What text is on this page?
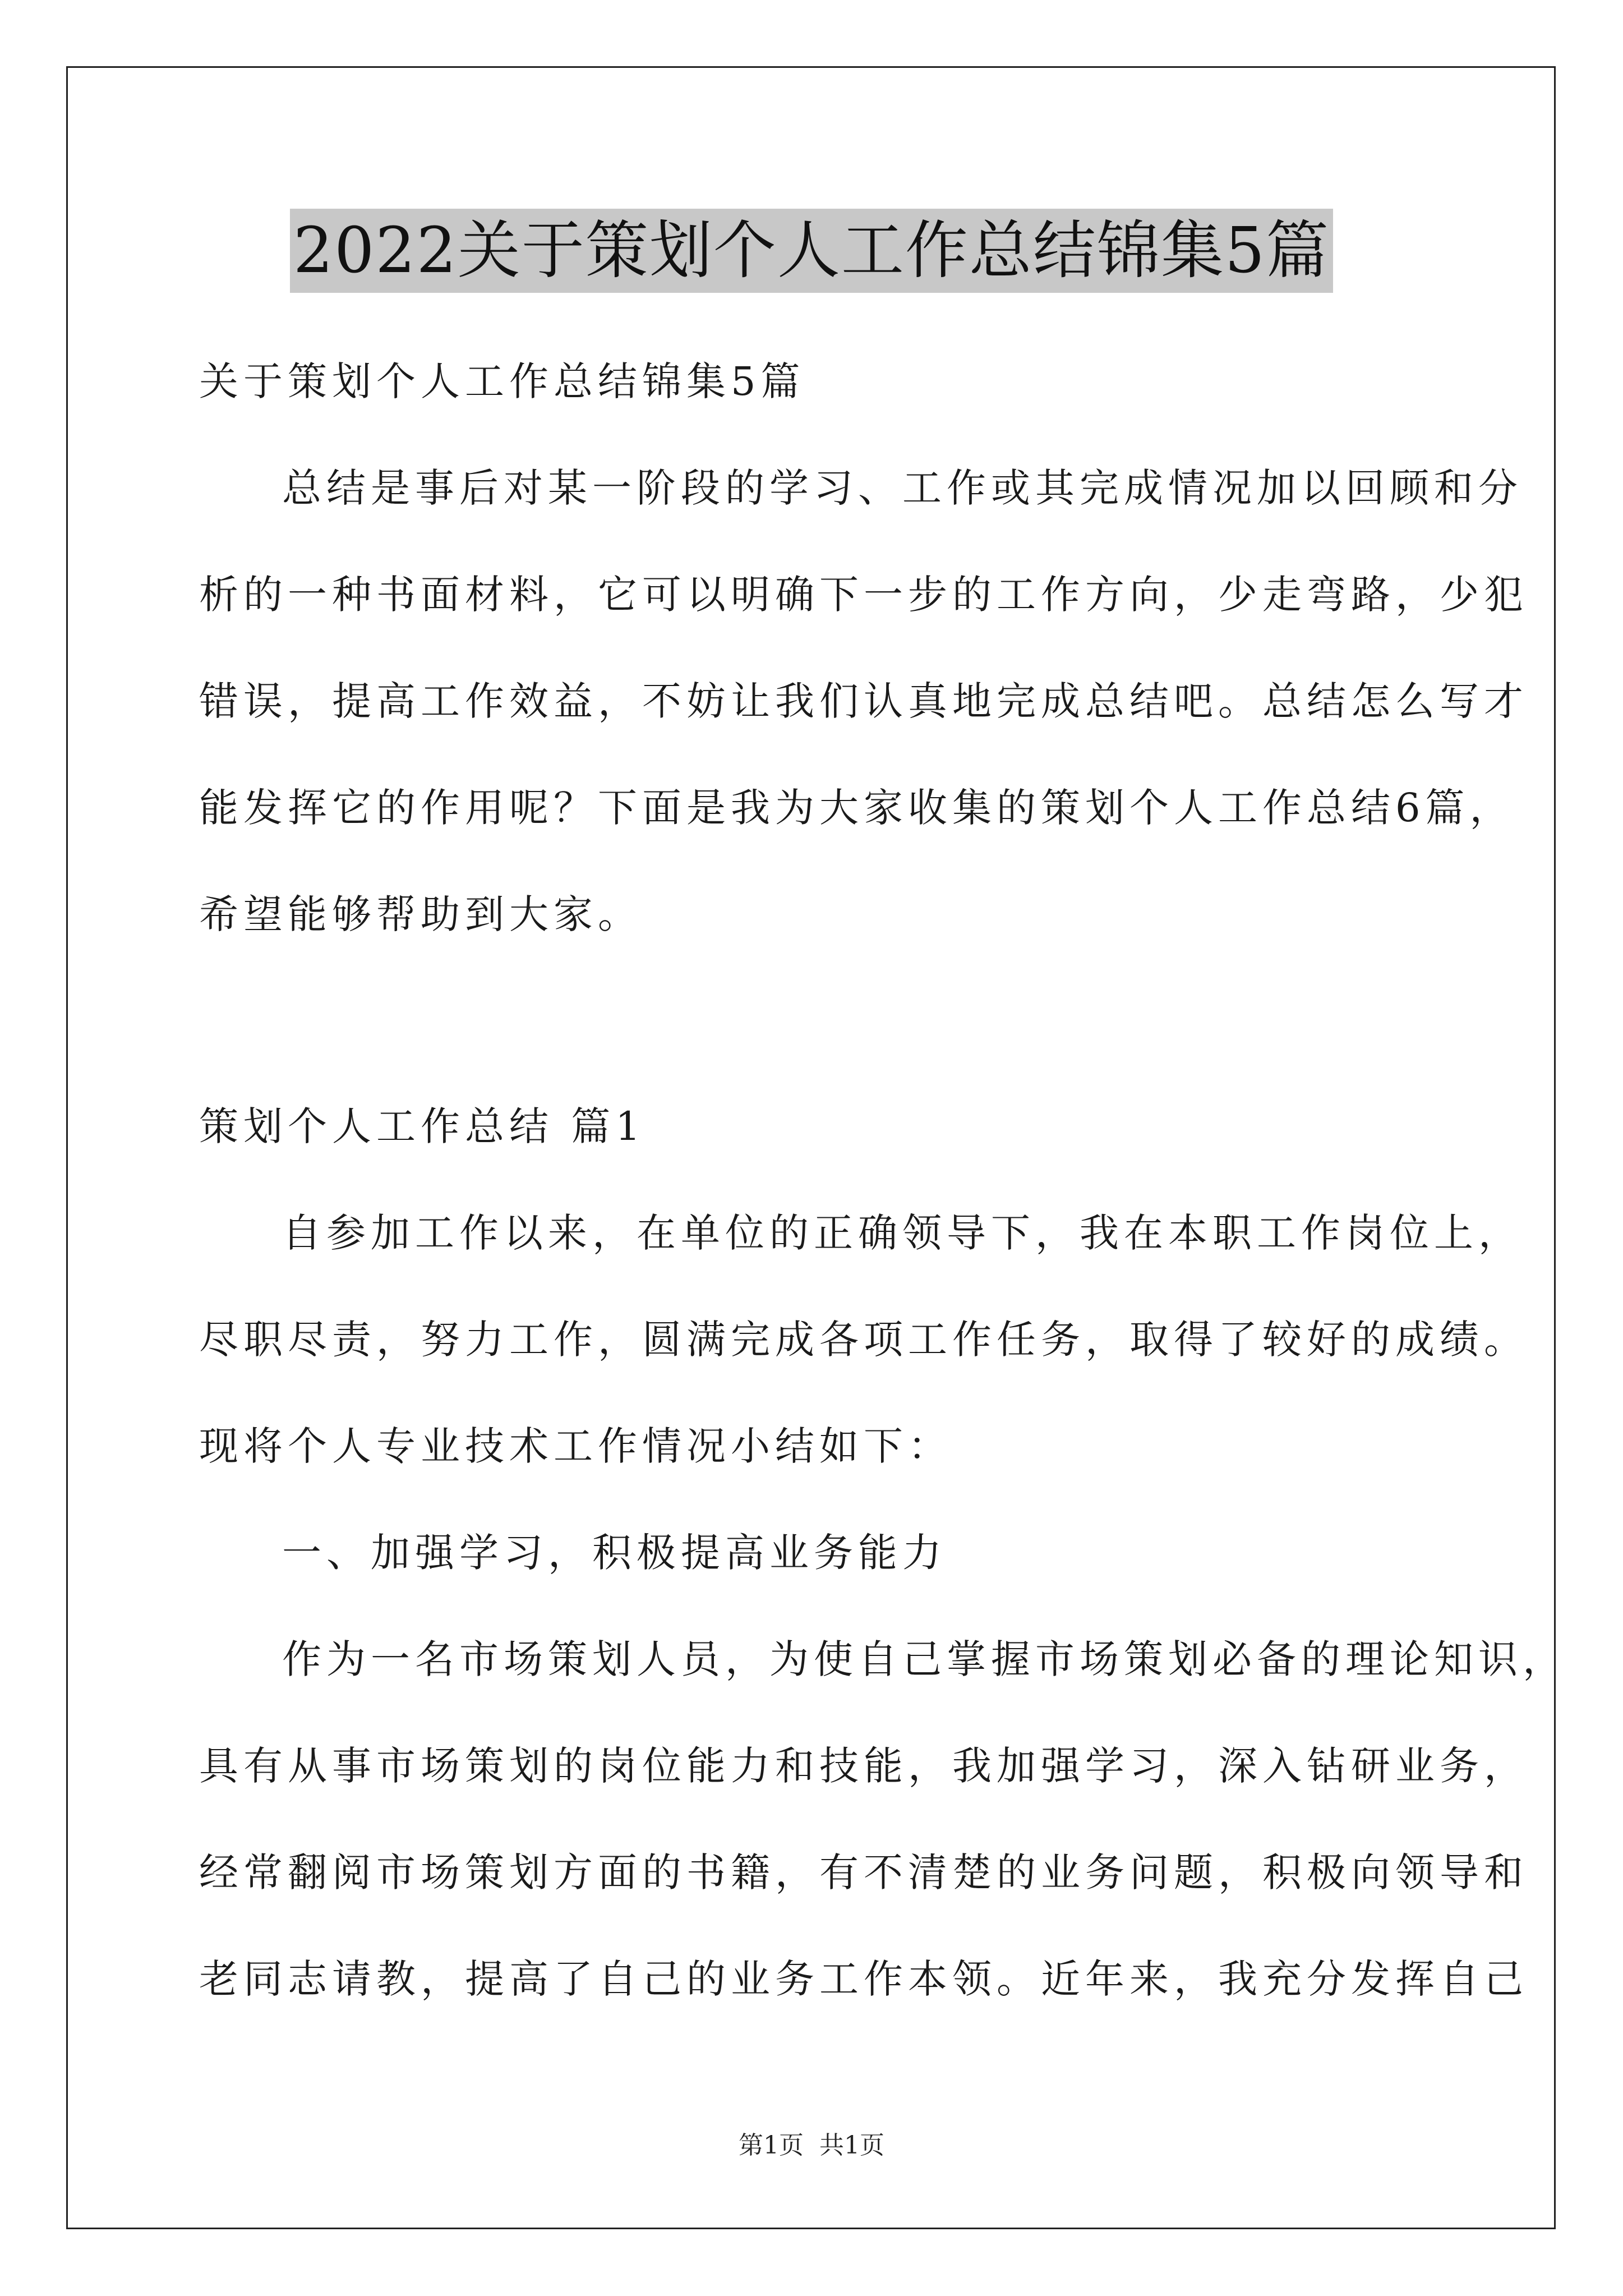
2022关于策划个人工作总结锦集5篇
关于策划个人工作总结锦集5篇
总结是事后对某一阶段的学习、工作或其完成情况加以回顾和分
析的一种书面材料，它可以明确下一步的工作方向，少走弯路，少犯
错误，提高工作效益，不妨让我们认真地完成总结吧。总结怎么写才
能发挥它的作用呢？下面是我为大家收集的策划个人工作总结6篇，
希望能够帮助到大家。
策划个人工作总结 篇1
自参加工作以来，在单位的正确领导下，我在本职工作岗位上，
尽职尽责，努力工作，圆满完成各项工作任务，取得了较好的成绩。
现将个人专业技术工作情况小结如下：
一、加强学习，积极提高业务能力
作为一名市场策划人员，为使自己掌握市场策划必备的理论知识，
具有从事市场策划的岗位能力和技能，我加强学习，深入钻研业务，
经常翻阅市场策划方面的书籍，有不清楚的业务问题，积极向领导和
老同志请教，提高了自己的业务工作本领。近年来，我充分发挥自己
第1页  共1页
